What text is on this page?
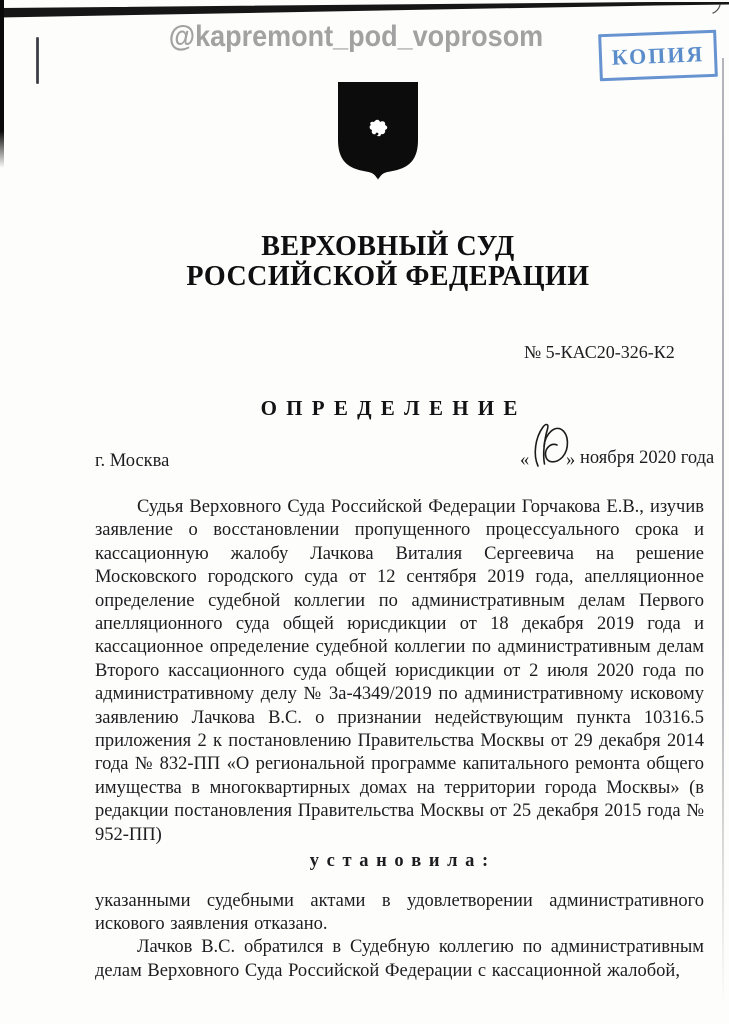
@kapremont_pod_voprosom
КОПИЯ
ВЕРХОВНЫЙ СУД
РОССИЙСКОЙ ФЕДЕРАЦИИ
№ 5-КАС20-326-К2
О П Р Е Д Е Л Е Н И Е
г. Москва	« » ноября 2020 года

Судья Верховного Суда Российской Федерации Горчакова Е.В., изучив заявление о восстановлении пропущенного процессуального срока и кассационную жалобу Лачкова Виталия Сергеевича на решение Московского городского суда от 12 сентября 2019 года, апелляционное определение судебной коллегии по административным делам Первого апелляционного суда общей юрисдикции от 18 декабря 2019 года и кассационное определение судебной коллегии по административным делам Второго кассационного суда общей юрисдикции от 2 июля 2020 года по административному делу № 3а-4349/2019 по административному исковому заявлению Лачкова В.С. о признании недействующим пункта 10316.5 приложения 2 к постановлению Правительства Москвы от 29 декабря 2014 года № 832-ПП «О региональной программе капитального ремонта общего имущества в многоквартирных домах на территории города Москвы» (в редакции постановления Правительства Москвы от 25 декабря 2015 года № 952-ПП)

у с т а н о в и л а :

указанными судебными актами в удовлетворении административного искового заявления отказано.

Лачков В.С. обратился в Судебную коллегию по административным делам Верховного Суда Российской Федерации с кассационной жалобой,
